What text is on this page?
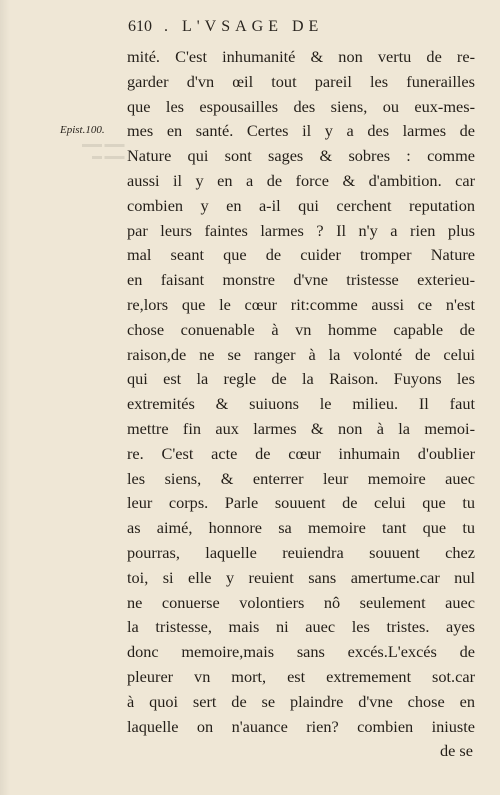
610 . L'VSAGE DE
Epist.100.
▬▬ ▬▬
▬▬ ▬
mité. C'est inhumanité & non vertu de re-
garder d'vn œil tout pareil les funerailles
que les espousailles des siens, ou eux-mes-
mes en santé. Certes il y a des larmes de
Nature qui sont sages & sobres : comme
aussi il y en a de force & d'ambition. car
combien y en a-il qui cerchent reputation
par leurs faintes larmes ? Il n'y a rien plus
mal seant que de cuider tromper Nature
en faisant monstre d'vne tristesse exterieu-
re,lors que le cœur rit:comme aussi ce n'est
chose conuenable à vn homme capable de
raison,de ne se ranger à la volonté de celui
qui est la regle de la Raison. Fuyons les
extremités & suiuons le milieu. Il faut
mettre fin aux larmes & non à la memoi-
re. C'est acte de cœur inhumain d'oublier
les siens, & enterrer leur memoire auec
leur corps. Parle souuent de celui que tu
as aimé, honnore sa memoire tant que tu
pourras, laquelle reuiendra souuent chez
toi, si elle y reuient sans amertume.car nul
ne conuerse volontiers nô seulement auec
la tristesse, mais ni auec les tristes. ayes
donc memoire,mais sans excés.L'excés de
pleurer vn mort, est extremement sot.car
à quoi sert de se plaindre d'vne chose en
laquelle on n'auance rien? combien iniuste
de se
